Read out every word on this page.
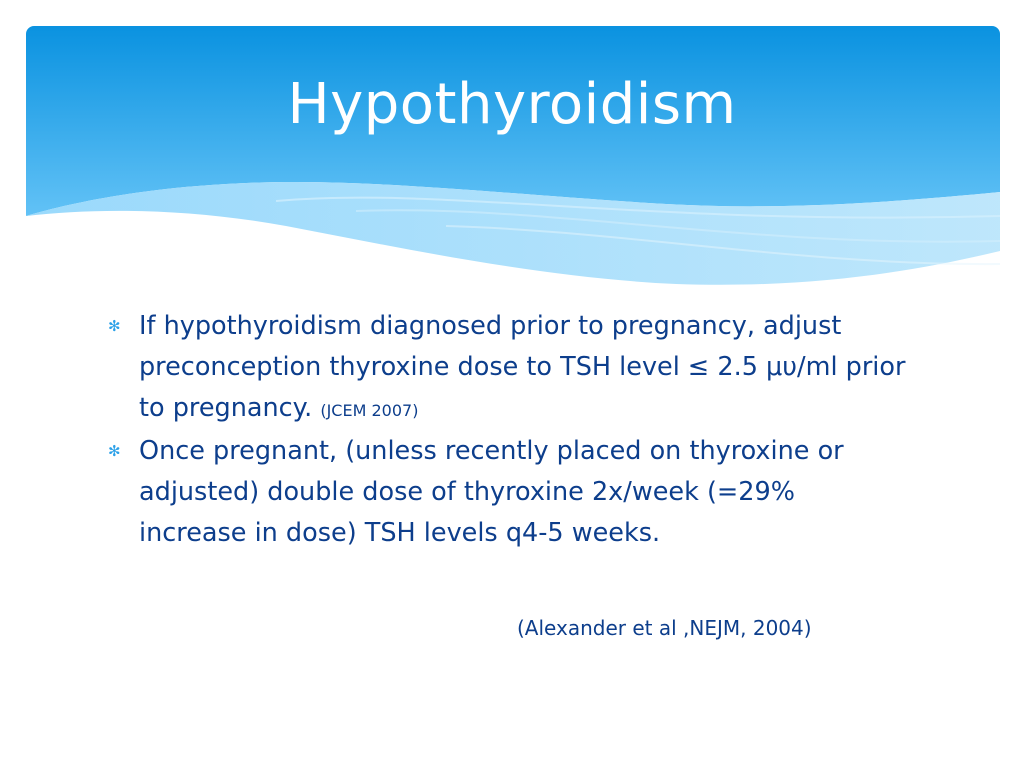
Hypothyroidism
✻ If hypothyroidism diagnosed prior to pregnancy, adjust preconception thyroxine dose to TSH level ≤ 2.5 μυ/ml prior to pregnancy. (JCEM 2007)
✻ Once pregnant, (unless recently placed on thyroxine or adjusted) double dose of thyroxine 2x/week (=29% increase in dose) TSH levels q4-5 weeks.
(Alexander et al ,NEJM, 2004)
